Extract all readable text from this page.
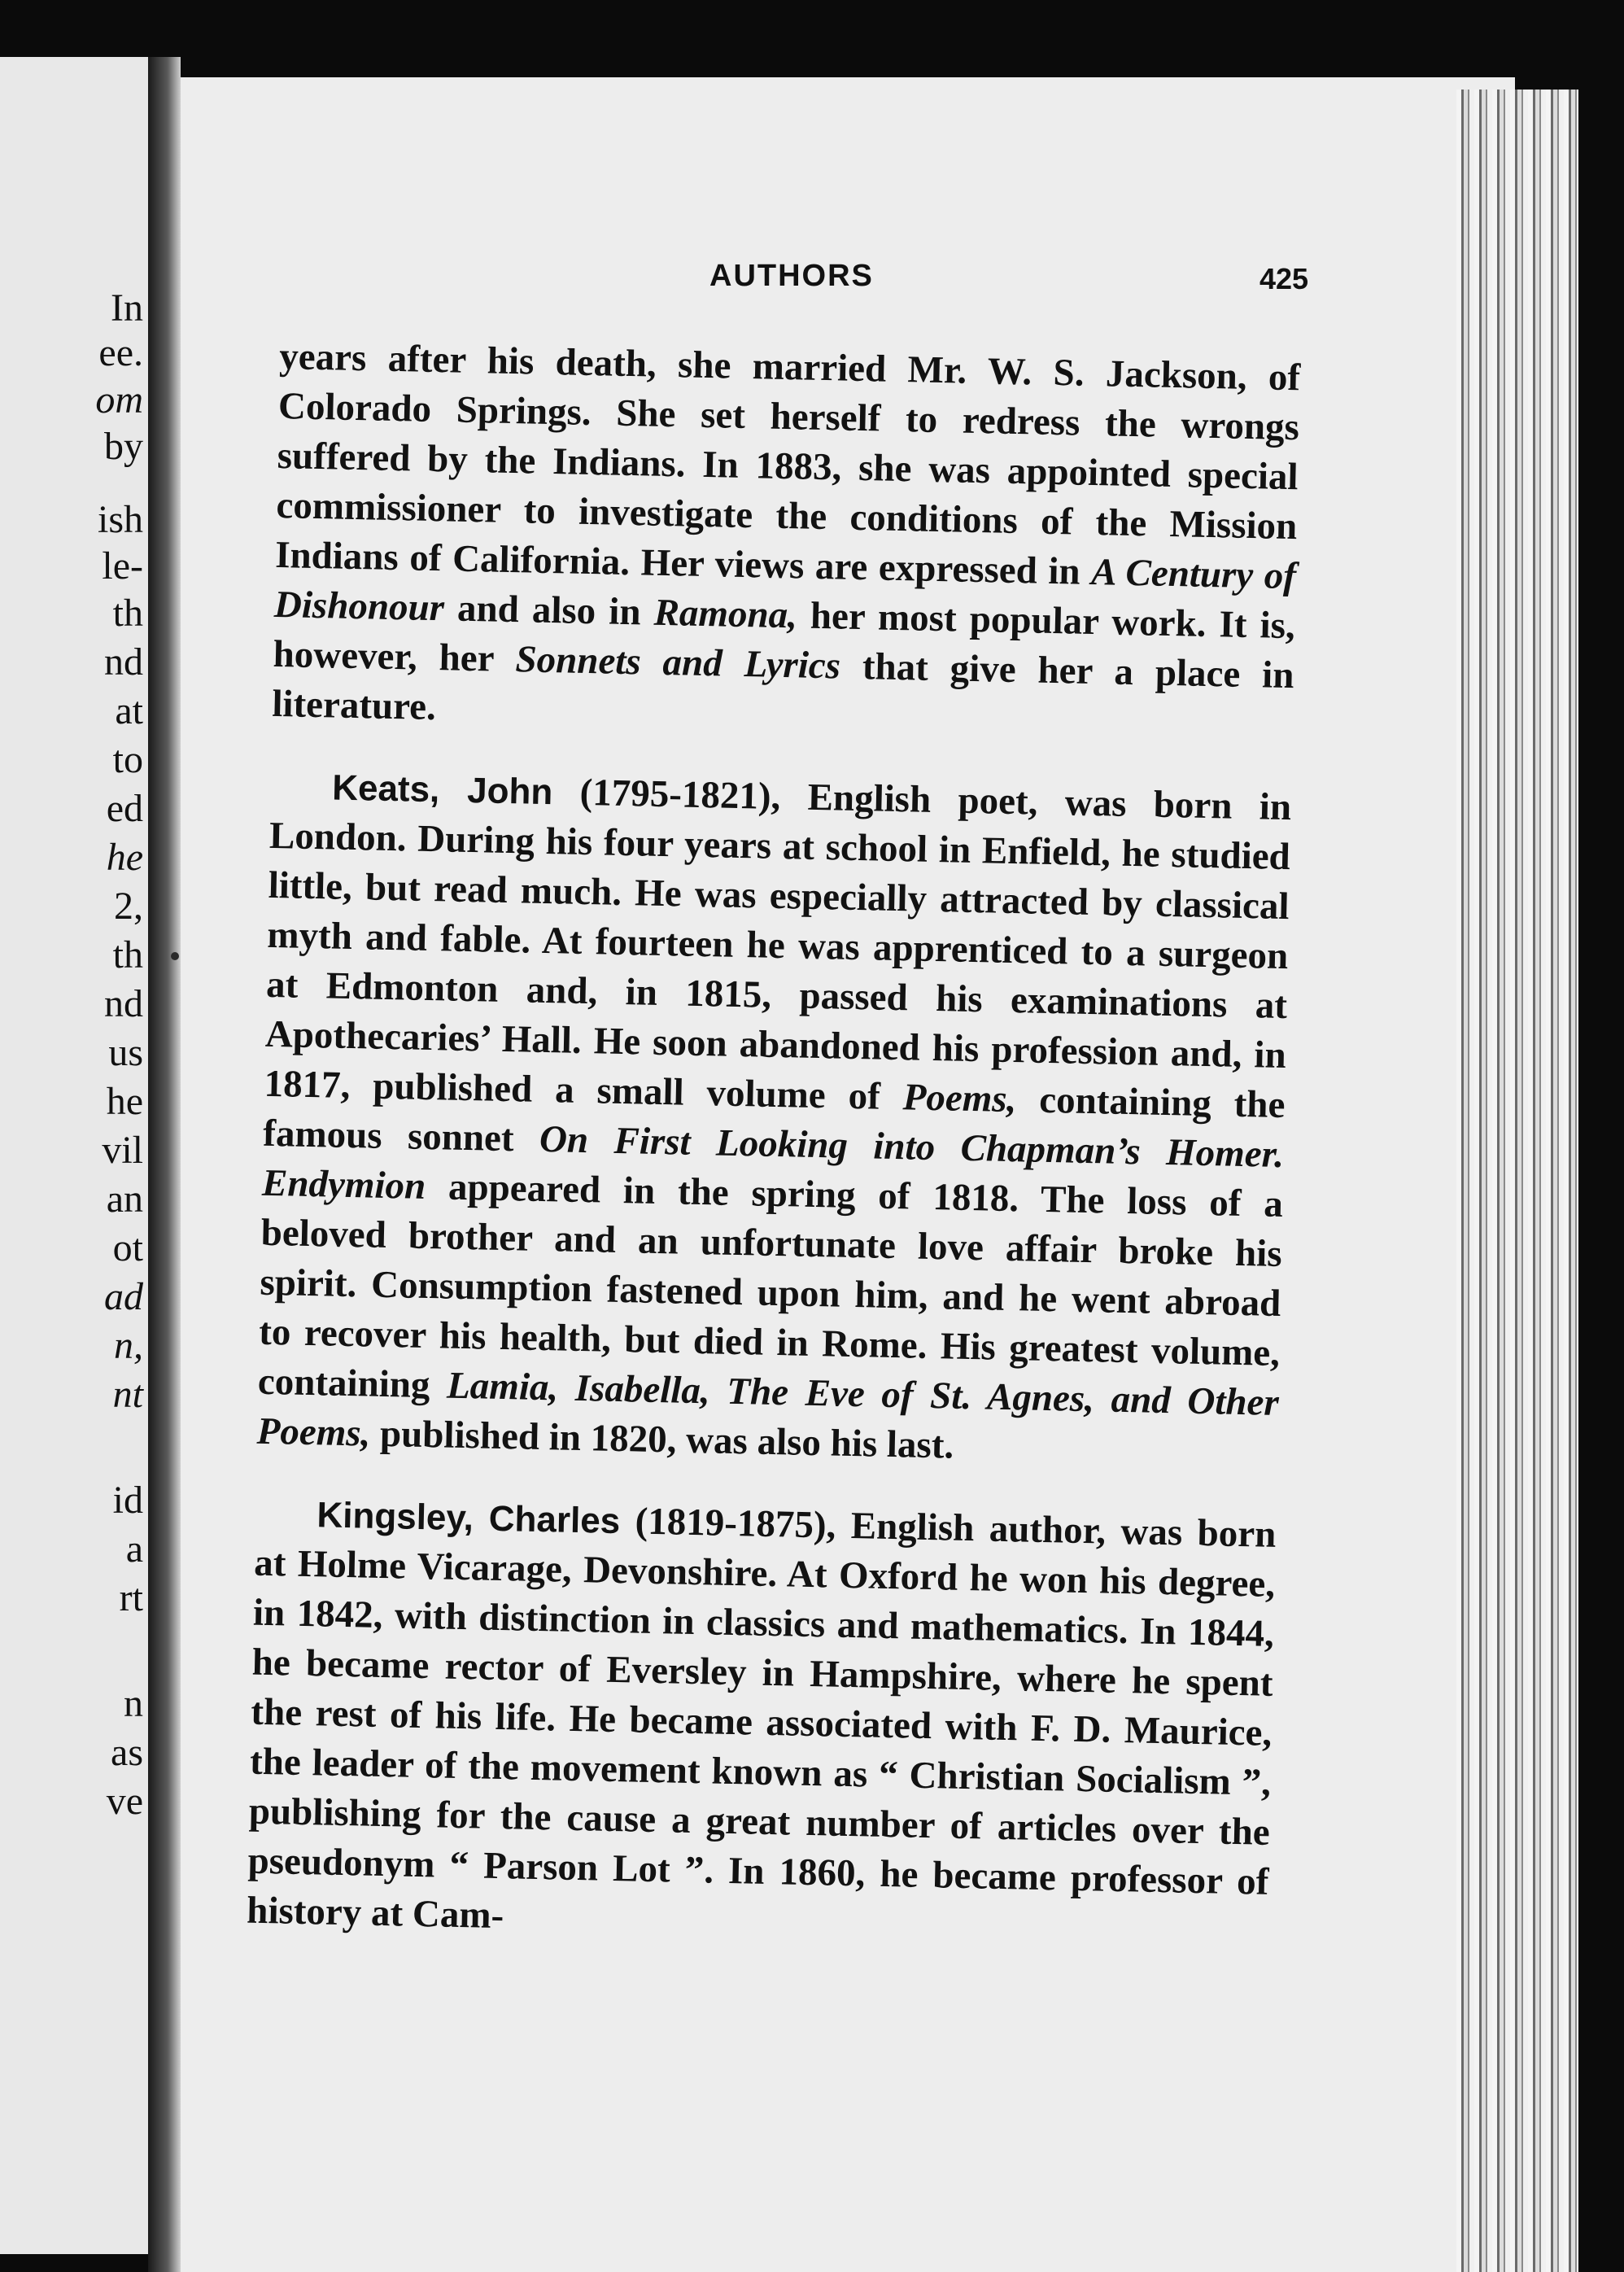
In
ee.
om
by
ish
le-
th
nd
at
to
ed
he
2,
th
nd
us
he
vil
an
ot
ad
n,
nt
id
a
rt
n
as
ve
AUTHORS	425

years after his death, she married Mr. W. S. Jackson, of Colorado Springs. She set herself to redress the wrongs suffered by the Indians. In 1883, she was appointed special commissioner to investigate the conditions of the Mission Indians of California. Her views are expressed in A Century of Dishonour and also in Ramona, her most popular work. It is, however, her Sonnets and Lyrics that give her a place in literature.

Keats, John (1795-1821), English poet, was born in London. During his four years at school in Enfield, he studied little, but read much. He was especially attracted by classical myth and fable. At fourteen he was apprenticed to a surgeon at Edmonton and, in 1815, passed his examinations at Apothecaries’ Hall. He soon abandoned his profession and, in 1817, published a small volume of Poems, containing the famous sonnet On First Looking into Chapman’s Homer. Endymion appeared in the spring of 1818. The loss of a beloved brother and an unfortunate love affair broke his spirit. Consumption fastened upon him, and he went abroad to recover his health, but died in Rome. His greatest volume, containing Lamia, Isabella, The Eve of St. Agnes, and Other Poems, published in 1820, was also his last.

Kingsley, Charles (1819-1875), English author, was born at Holme Vicarage, Devonshire. At Oxford he won his degree, in 1842, with distinction in classics and mathematics. In 1844, he became rector of Eversley in Hampshire, where he spent the rest of his life. He became associated with F. D. Maurice, the leader of the movement known as “ Christian Socialism ”, publishing for the cause a great number of articles over the pseudonym “ Parson Lot ”. In 1860, he became professor of history at Cam-
